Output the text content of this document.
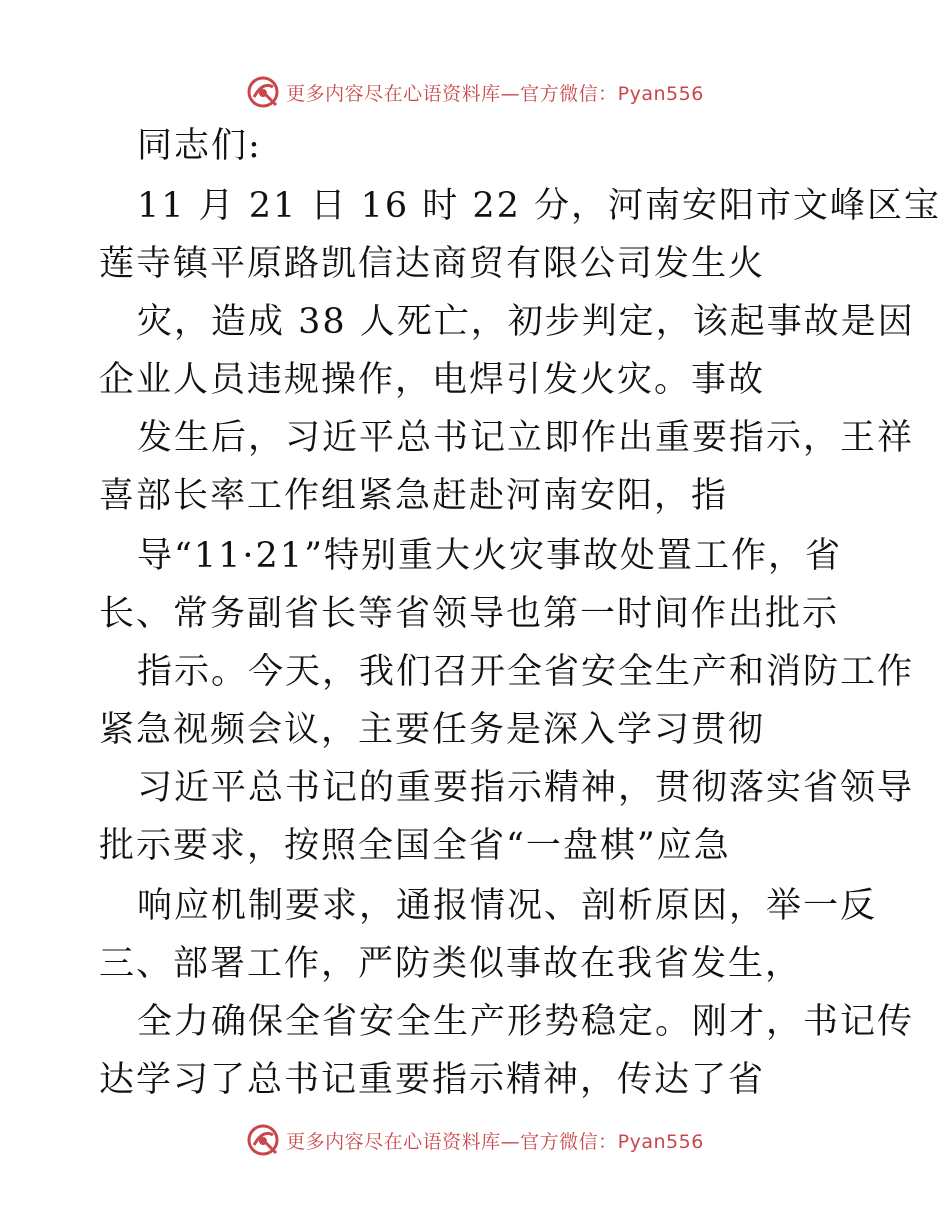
更多内容尽在心语资料库—官方微信：Pyan556
同志们:
11 月 21 日 16 时 22 分，河南安阳市文峰区宝
莲寺镇平原路凯信达商贸有限公司发生火
灾，造成 38 人死亡，初步判定，该起事故是因
企业人员违规操作，电焊引发火灾。事故
发生后，习近平总书记立即作出重要指示，王祥
喜部长率工作组紧急赶赴河南安阳，指
导“11·21”特别重大火灾事故处置工作，省
长、常务副省长等省领导也第一时间作出批示
指示。今天，我们召开全省安全生产和消防工作
紧急视频会议，主要任务是深入学习贯彻
习近平总书记的重要指示精神，贯彻落实省领导
批示要求，按照全国全省“一盘棋”应急
响应机制要求，通报情况、剖析原因，举一反
三、部署工作，严防类似事故在我省发生，
全力确保全省安全生产形势稳定。刚才，书记传
达学习了总书记重要指示精神，传达了省
更多内容尽在心语资料库—官方微信：Pyan556
